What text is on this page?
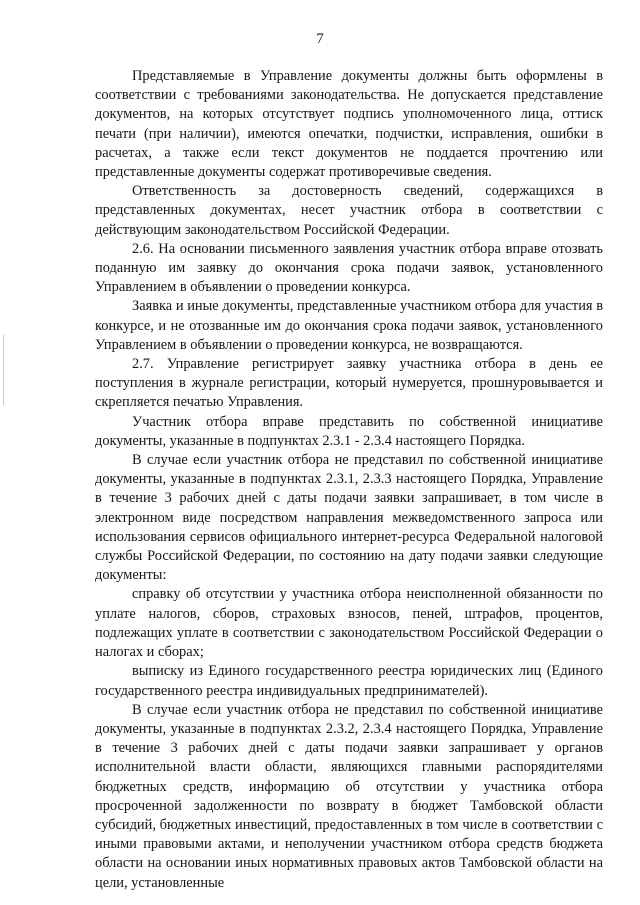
7

Представляемые в Управление документы должны быть оформлены в соответствии с требованиями законодательства. Не допускается представление документов, на которых отсутствует подпись уполномоченного лица, оттиск печати (при наличии), имеются опечатки, подчистки, исправления, ошибки в расчетах, а также если текст документов не поддается прочтению или представленные документы содержат противоречивые сведения.

Ответственность за достоверность сведений, содержащихся в представленных документах, несет участник отбора в соответствии с действующим законодательством Российской Федерации.

2.6. На основании письменного заявления участник отбора вправе отозвать поданную им заявку до окончания срока подачи заявок, установленного Управлением в объявлении о проведении конкурса.

Заявка и иные документы, представленные участником отбора для участия в конкурсе, и не отозванные им до окончания срока подачи заявок, установленного Управлением в объявлении о проведении конкурса, не возвращаются.

2.7. Управление регистрирует заявку участника отбора в день ее поступления в журнале регистрации, который нумеруется, прошнуровывается и скрепляется печатью Управления.

Участник отбора вправе представить по собственной инициативе документы, указанные в подпунктах 2.3.1 - 2.3.4 настоящего Порядка.

В случае если участник отбора не представил по собственной инициативе документы, указанные в подпунктах 2.3.1, 2.3.3 настоящего Порядка, Управление в течение 3 рабочих дней с даты подачи заявки запрашивает, в том числе в электронном виде посредством направления межведомственного запроса или использования сервисов официального интернет-ресурса Федеральной налоговой службы Российской Федерации, по состоянию на дату подачи заявки следующие документы:

справку об отсутствии у участника отбора неисполненной обязанности по уплате налогов, сборов, страховых взносов, пеней, штрафов, процентов, подлежащих уплате в соответствии с законодательством Российской Федерации о налогах и сборах;

выписку из Единого государственного реестра юридических лиц (Единого государственного реестра индивидуальных предпринимателей).

В случае если участник отбора не представил по собственной инициативе документы, указанные в подпунктах 2.3.2, 2.3.4 настоящего Порядка, Управление в течение 3 рабочих дней с даты подачи заявки запрашивает у органов исполнительной власти области, являющихся главными распорядителями бюджетных средств, информацию об отсутствии у участника отбора просроченной задолженности по возврату в бюджет Тамбовской области субсидий, бюджетных инвестиций, предоставленных в том числе в соответствии с иными правовыми актами, и неполучении участником отбора средств бюджета области на основании иных нормативных правовых актов Тамбовской области на цели, установленные
